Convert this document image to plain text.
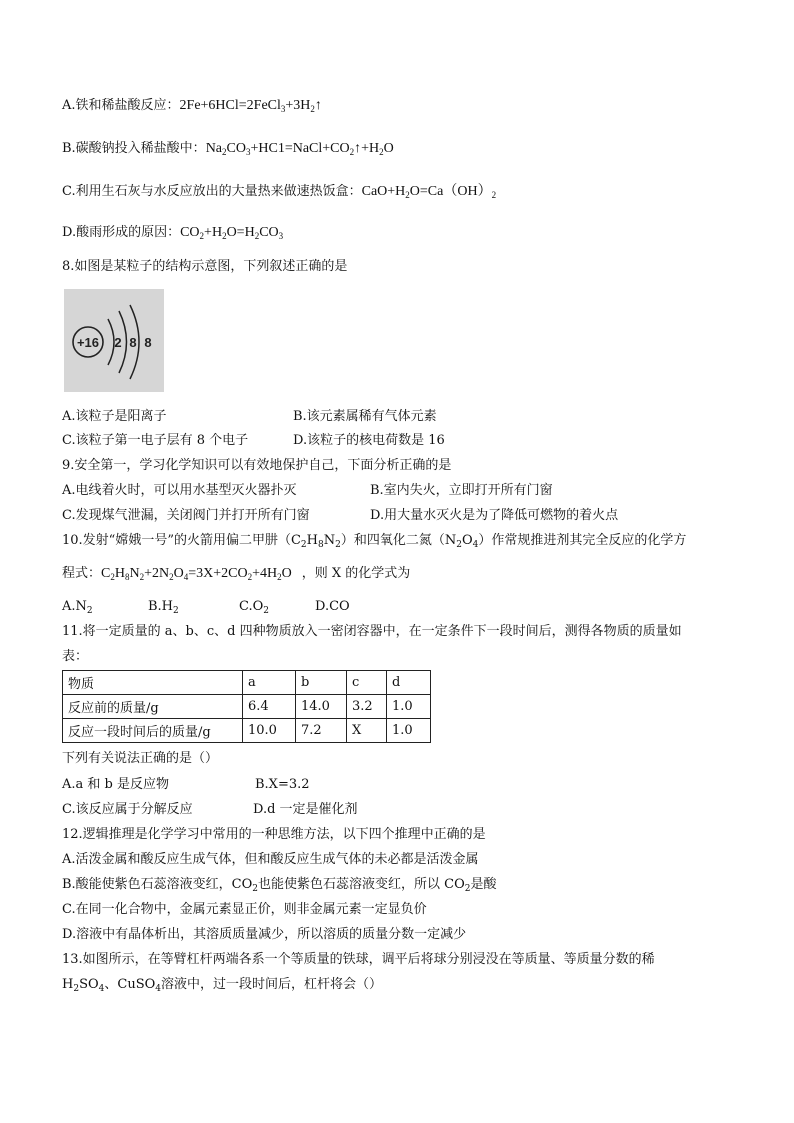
A.铁和稀盐酸反应：$2Fe+6HCl=2FeCl_3+3H_2↑$
B.碳酸钠投入稀盐酸中：$Na_2CO_3+HC1=NaCl+CO_2↑+H_2O$
C.利用生石灰与水反应放出的大量热来做速热饭盒：$CaO+H_2O=Ca(OH)_2$
D.酸雨形成的原因：$CO_2+H_2O=H_2CO_3$
8.如图是某粒子的结构示意图，下列叙述正确的是
+16 2 8 8
A.该粒子是阳离子	B.该元素属稀有气体元素
C.该粒子第一电子层有 8 个电子	D.该粒子的核电荷数是 16
9.安全第一，学习化学知识可以有效地保护自己，下面分析正确的是
A.电线着火时，可以用水基型灭火器扑灭	B.室内失火，立即打开所有门窗
C.发现煤气泄漏，关闭阀门并打开所有门窗	D.用大量水灭火是为了降低可燃物的着火点
10.发射“嫦娥一号”的火箭用偏二甲肼$(C_2H_8N_2)$和四氧化二氮$(N_2O_4)$作常规推进剂其完全反应的化学方
程式：$C_2H_8N_2+2N_2O_4=3X+2CO_2+4H_2O$ ，则 X 的化学式为
$A.N_2$	$B.H_2$	$C.O_2$	D.CO
11.将一定质量的 a、b、c、d 四种物质放入一密闭容器中，在一定条件下一段时间后，测得各物质的质量如
表：
物质	a	b	c	d
反应前的质量/g	6.4	14.0	3.2	1.0
反应一段时间后的质量/g	10.0	7.2	X	1.0
下列有关说法正确的是（）
A.a 和 b 是反应物	B.X=3.2
C.该反应属于分解反应	D.d 一定是催化剂
12.逻辑推理是化学学习中常用的一种思维方法，以下四个推理中正确的是
A.活泼金属和酸反应生成气体，但和酸反应生成气体的未必都是活泼金属
B.酸能使紫色石蕊溶液变红，$CO_2$也能使紫色石蕊溶液变红，所以 $CO_2$是酸
C.在同一化合物中，金属元素显正价，则非金属元素一定显负价
D.溶液中有晶体析出，其溶质质量减少，所以溶质的质量分数一定减少
13.如图所示，在等臂杠杆两端各系一个等质量的铁球，调平后将球分别浸没在等质量、等质量分数的稀
$H_2SO_4$、CuSO$_4$溶液中，过一段时间后，杠杆将会（）
